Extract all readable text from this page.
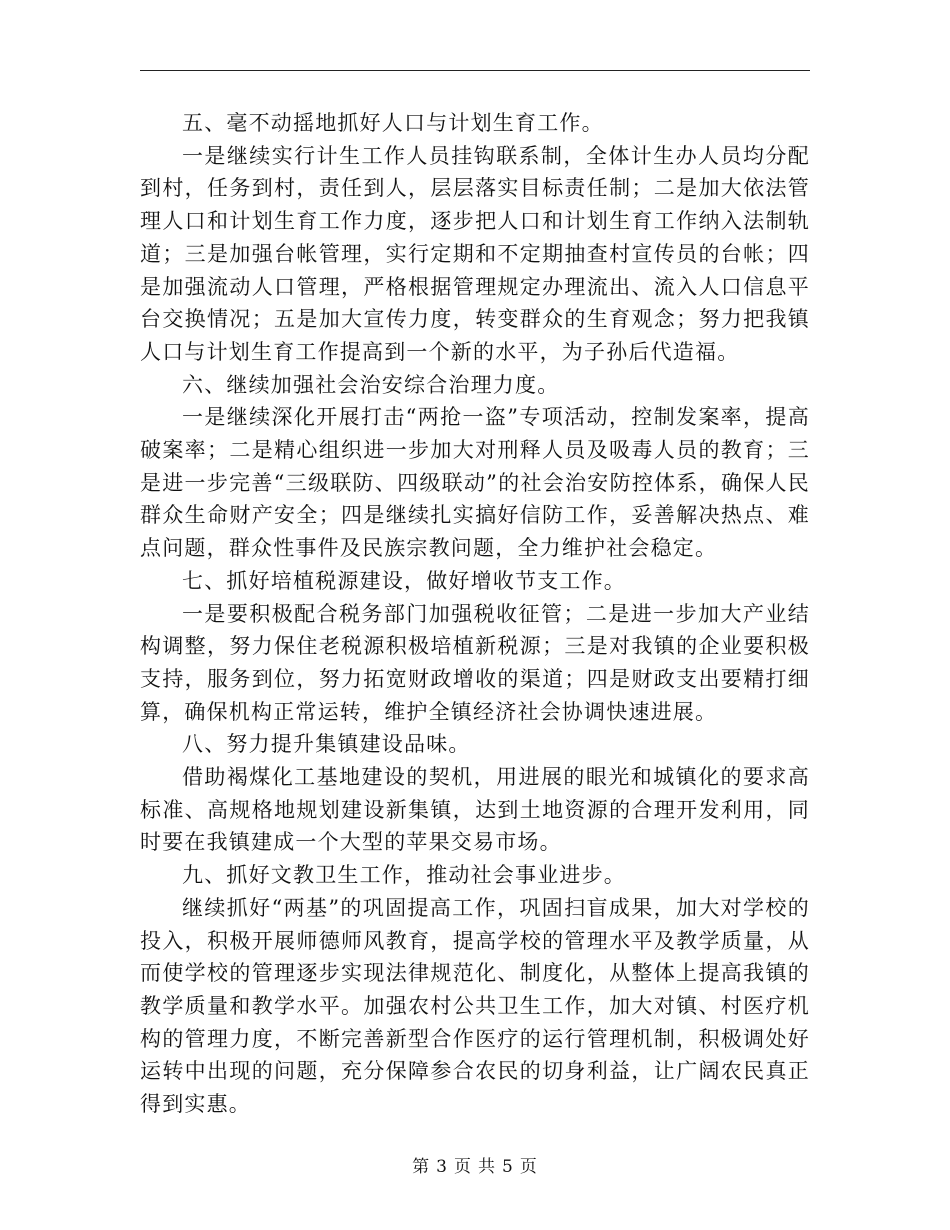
五、毫不动摇地抓好人口与计划生育工作。

一是继续实行计生工作人员挂钩联系制，全体计生办人员均分配到村，任务到村，责任到人，层层落实目标责任制；二是加大依法管理人口和计划生育工作力度，逐步把人口和计划生育工作纳入法制轨道；三是加强台帐管理，实行定期和不定期抽查村宣传员的台帐；四是加强流动人口管理，严格根据管理规定办理流出、流入人口信息平台交换情况；五是加大宣传力度，转变群众的生育观念；努力把我镇人口与计划生育工作提高到一个新的水平，为子孙后代造福。

六、继续加强社会治安综合治理力度。

一是继续深化开展打击“两抢一盗”专项活动，控制发案率，提高破案率；二是精心组织进一步加大对刑释人员及吸毒人员的教育；三是进一步完善“三级联防、四级联动”的社会治安防控体系，确保人民群众生命财产安全；四是继续扎实搞好信防工作，妥善解决热点、难点问题，群众性事件及民族宗教问题，全力维护社会稳定。

七、抓好培植税源建设，做好增收节支工作。

一是要积极配合税务部门加强税收征管；二是进一步加大产业结构调整，努力保住老税源积极培植新税源；三是对我镇的企业要积极支持，服务到位，努力拓宽财政增收的渠道；四是财政支出要精打细算，确保机构正常运转，维护全镇经济社会协调快速进展。

八、努力提升集镇建设品味。

借助褐煤化工基地建设的契机，用进展的眼光和城镇化的要求高标准、高规格地规划建设新集镇，达到土地资源的合理开发利用，同时要在我镇建成一个大型的苹果交易市场。

九、抓好文教卫生工作，推动社会事业进步。

继续抓好“两基”的巩固提高工作，巩固扫盲成果，加大对学校的投入，积极开展师德师风教育，提高学校的管理水平及教学质量，从而使学校的管理逐步实现法律规范化、制度化，从整体上提高我镇的教学质量和教学水平。加强农村公共卫生工作，加大对镇、村医疗机构的管理力度，不断完善新型合作医疗的运行管理机制，积极调处好运转中出现的问题，充分保障参合农民的切身利益，让广阔农民真正得到实惠。

第 3 页 共 5 页
